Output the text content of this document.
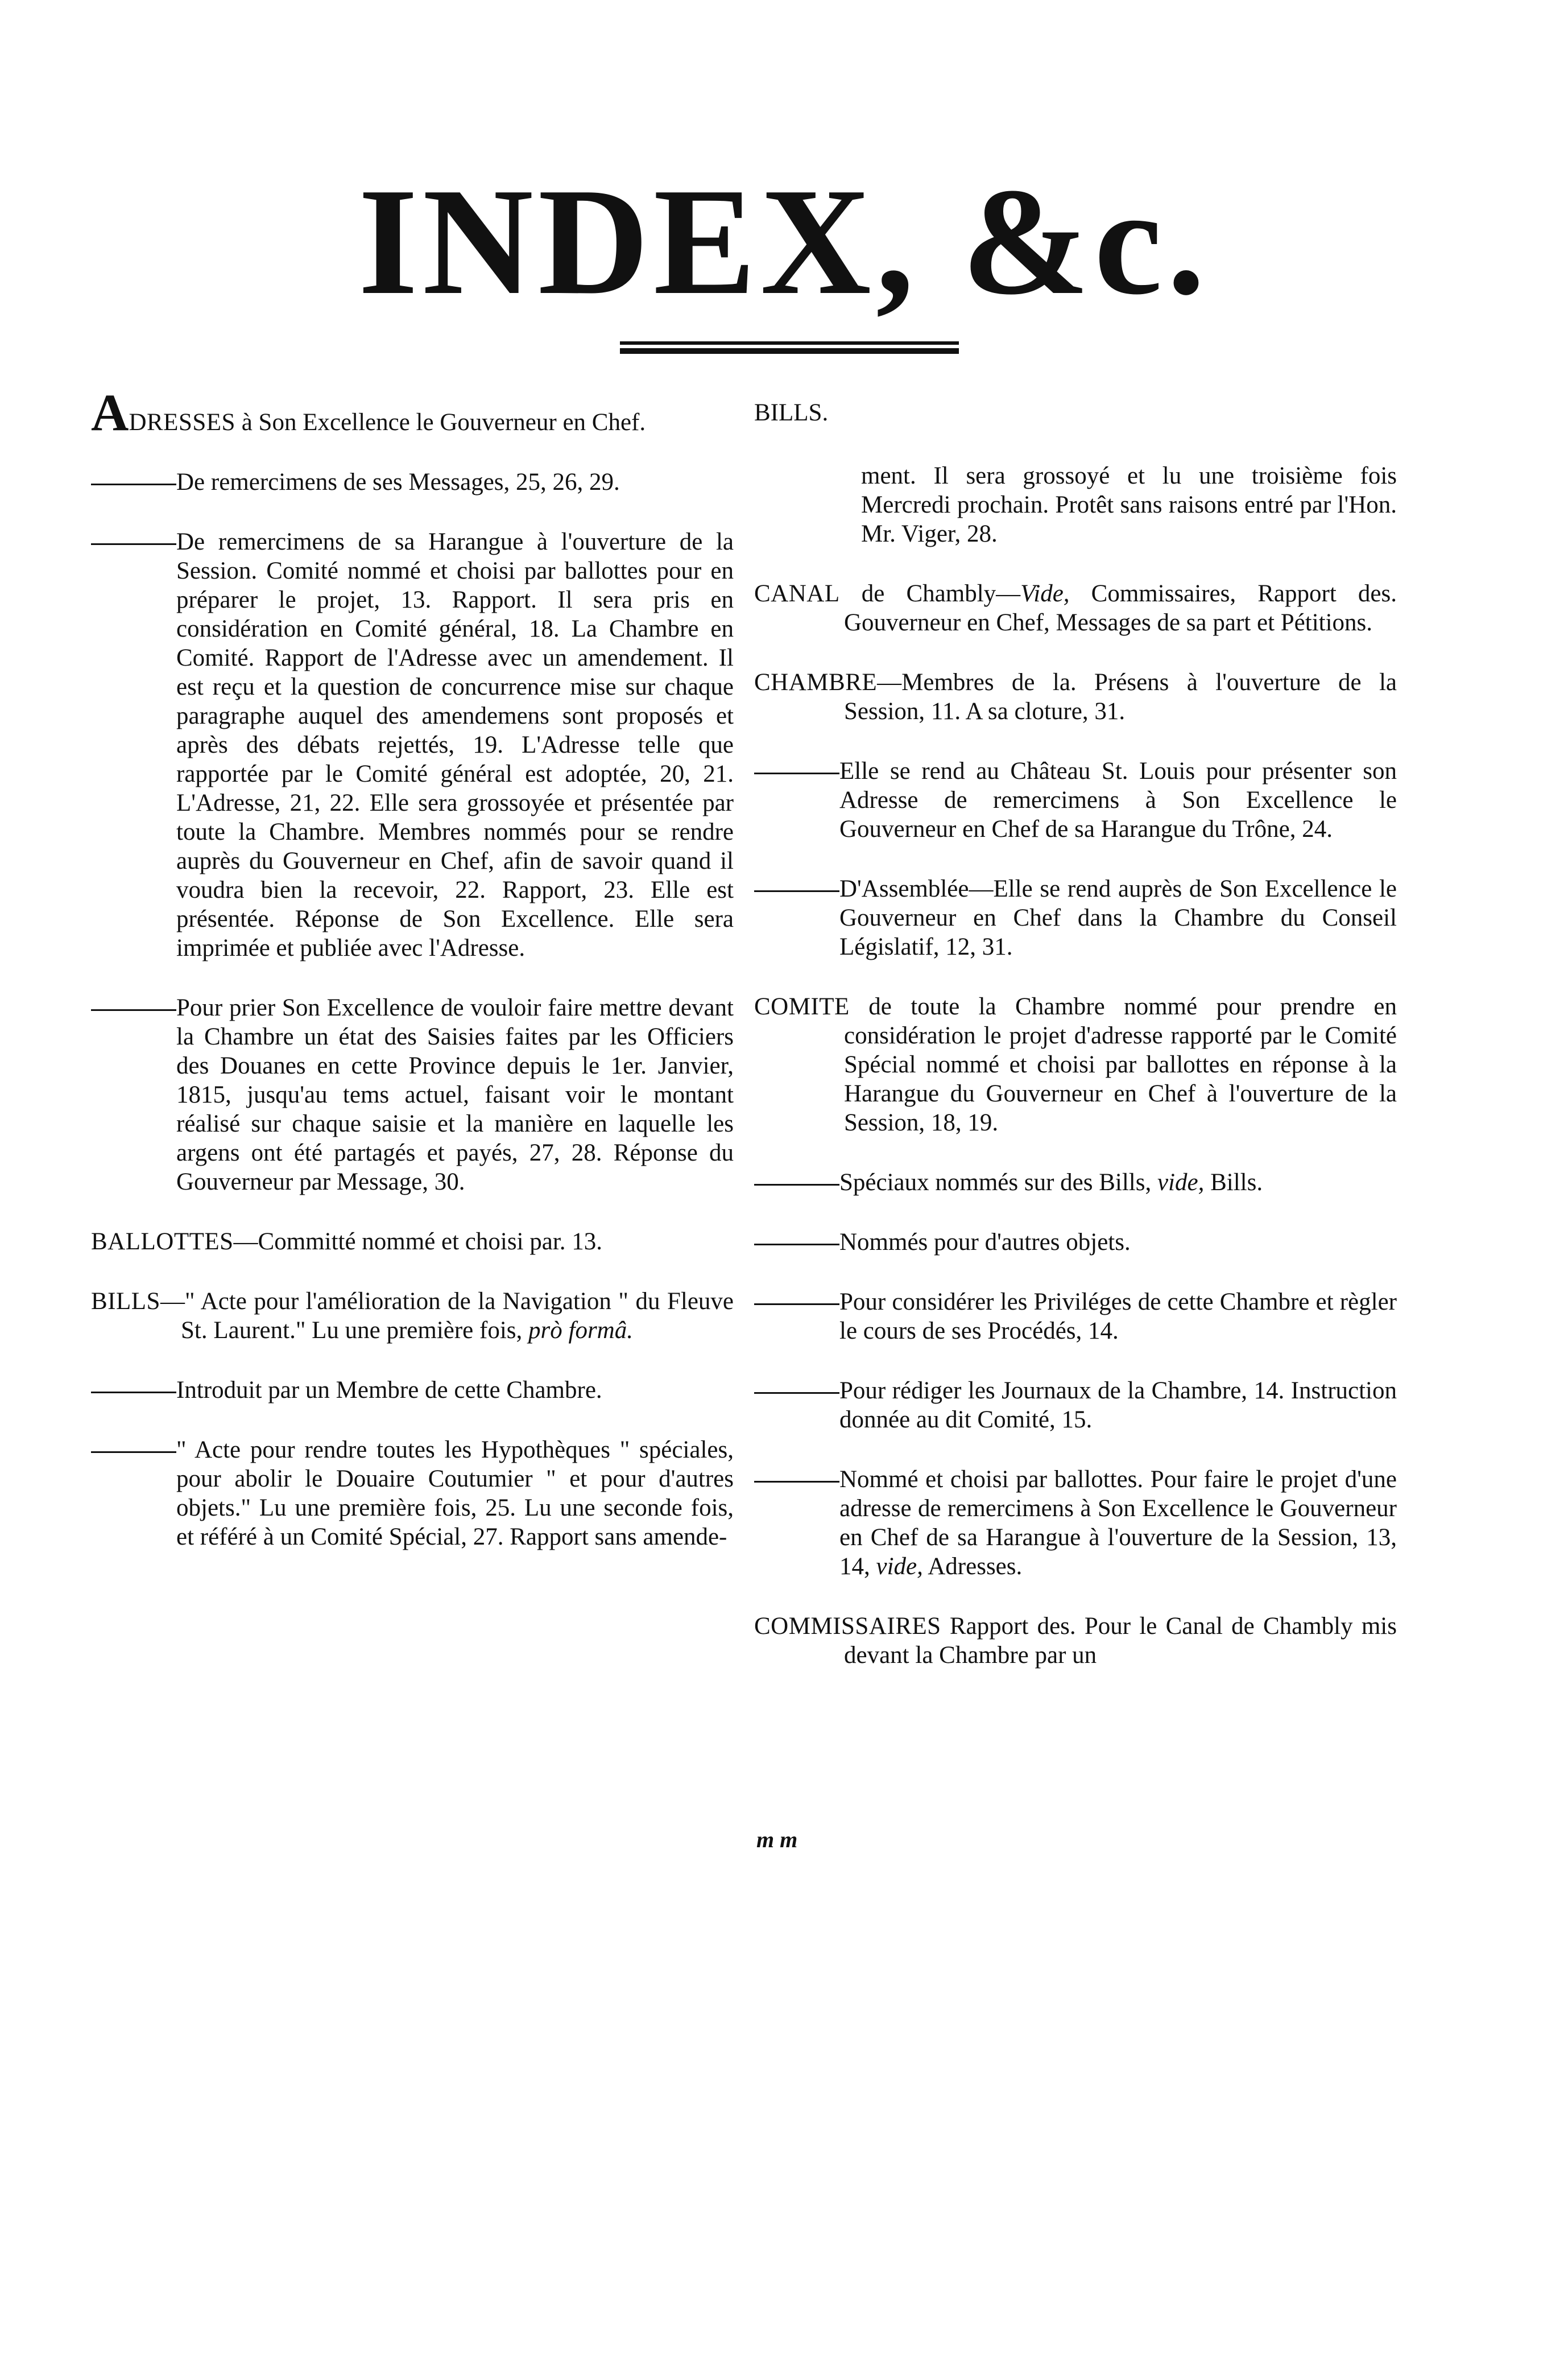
INDEX, &c.

ADRESSES à Son Excellence le Gouverneur en Chef.

De remercimens de ses Messages, 25, 26, 29.

De remercimens de sa Harangue à l'ouverture de la Session. Comité nommé et choisi par ballottes pour en préparer le projet, 13. Rapport. Il sera pris en considération en Comité général, 18. La Chambre en Comité. Rapport de l'Adresse avec un amendement. Il est reçu et la question de concurrence mise sur chaque paragraphe auquel des amendemens sont proposés et après des débats rejettés, 19. L'Adresse telle que rapportée par le Comité général est adoptée, 20, 21. L'Adresse, 21, 22. Elle sera grossoyée et présentée par toute la Chambre. Membres nommés pour se rendre auprès du Gouverneur en Chef, afin de savoir quand il voudra bien la recevoir, 22. Rapport, 23. Elle est présentée. Réponse de Son Excellence. Elle sera imprimée et publiée avec l'Adresse.

Pour prier Son Excellence de vouloir faire mettre devant la Chambre un état des Saisies faites par les Officiers des Douanes en cette Province depuis le 1er. Janvier, 1815, jusqu'au tems actuel, faisant voir le montant réalisé sur chaque saisie et la manière en laquelle les argens ont été partagés et payés, 27, 28. Réponse du Gouverneur par Message, 30.

BALLOTTES—Committé nommé et choisi par. 13.

BILLS—" Acte pour l'amélioration de la Navigation " du Fleuve St. Laurent." Lu une première fois, prò formâ.

Introduit par un Membre de cette Chambre.

" Acte pour rendre toutes les Hypothèques " spéciales, pour abolir le Douaire Coutumier " et pour d'autres objets." Lu une première fois, 25. Lu une seconde fois, et référé à un Comité Spécial, 27. Rapport sans amende-

BILLS.

ment. Il sera grossoyé et lu une troisième fois Mercredi prochain. Protêt sans raisons entré par l'Hon. Mr. Viger, 28.

CANAL de Chambly—Vide, Commissaires, Rapport des. Gouverneur en Chef, Messages de sa part et Pétitions.

CHAMBRE—Membres de la. Présens à l'ouverture de la Session, 11. A sa cloture, 31.

Elle se rend au Château St. Louis pour présenter son Adresse de remercimens à Son Excellence le Gouverneur en Chef de sa Harangue du Trône, 24.

D'Assemblée—Elle se rend auprès de Son Excellence le Gouverneur en Chef dans la Chambre du Conseil Législatif, 12, 31.

COMITE de toute la Chambre nommé pour prendre en considération le projet d'adresse rapporté par le Comité Spécial nommé et choisi par ballottes en réponse à la Harangue du Gouverneur en Chef à l'ouverture de la Session, 18, 19.

Spéciaux nommés sur des Bills, vide, Bills.

Nommés pour d'autres objets.

Pour considérer les Priviléges de cette Chambre et règler le cours de ses Procédés, 14.

Pour rédiger les Journaux de la Chambre, 14. Instruction donnée au dit Comité, 15.

Nommé et choisi par ballottes. Pour faire le projet d'une adresse de remercimens à Son Excellence le Gouverneur en Chef de sa Harangue à l'ouverture de la Session, 13, 14, vide, Adresses.

COMMISSAIRES Rapport des. Pour le Canal de Chambly mis devant la Chambre par un

m m
